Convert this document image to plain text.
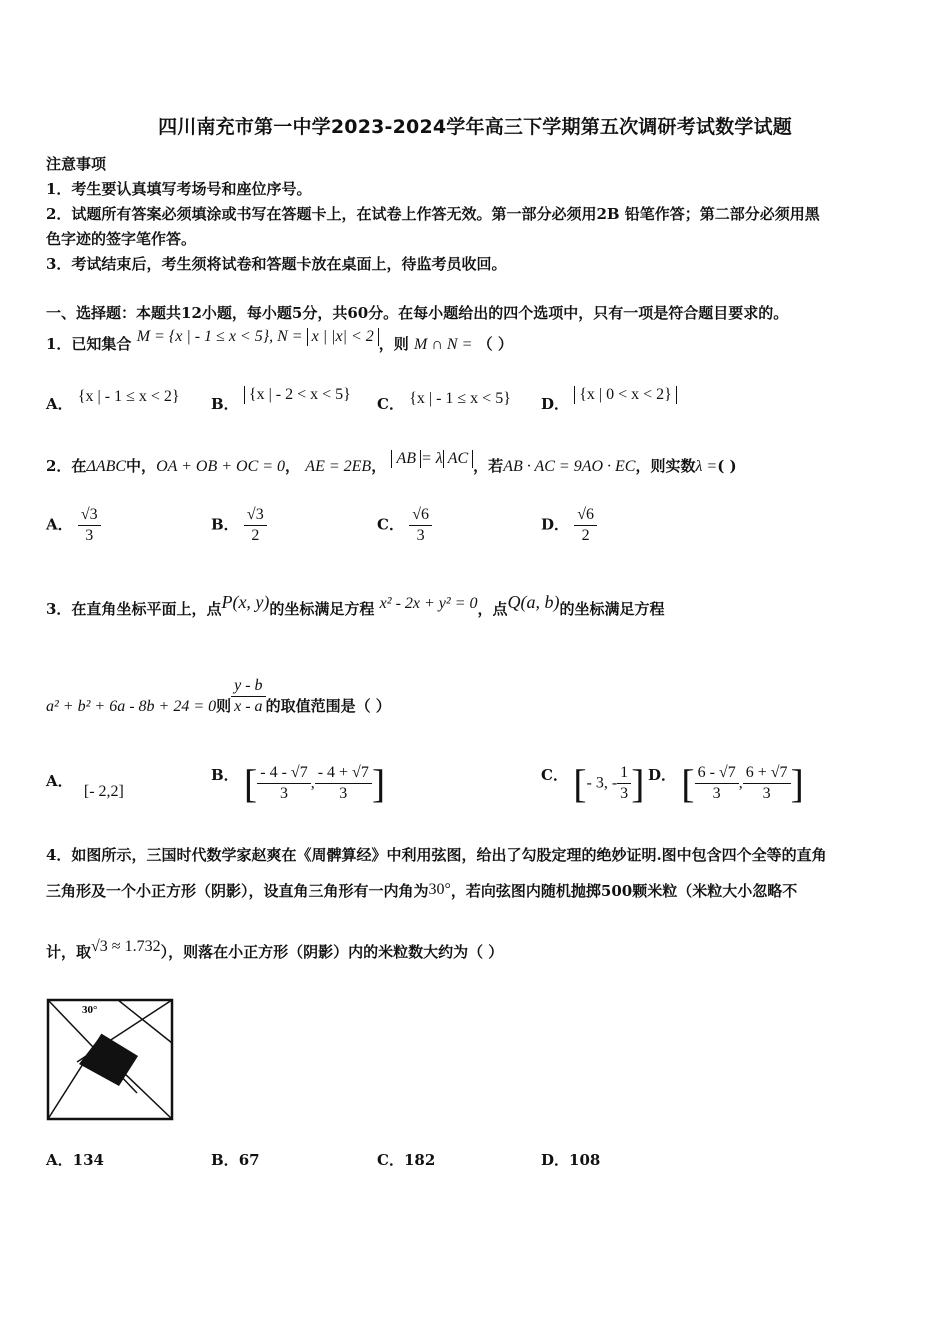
四川南充市第一中学2023-2024学年高三下学期第五次调研考试数学试题
注意事项
1．考生要认真填写考场号和座位序号。
2．试题所有答案必须填涂或书写在答题卡上，在试卷上作答无效。第一部分必须用2B 铅笔作答；第二部分必须用黑
色字迹的签字笔作答。
3．考试结束后，考生须将试卷和答题卡放在桌面上，待监考员收回。
一、选择题：本题共12小题，每小题5分，共60分。在每小题给出的四个选项中，只有一项是符合题目要求的。
1．已知集合 M = {x | - 1 ≤ x < 5}, N = x | |x| < 2 ，则 M ∩ N = （ ）
A． {x | - 1 ≤ x < 2} B． {x | - 2 < x < 5}
C． {x | - 1 ≤ x < 5} D． {x | 0 < x < 2}
2．在ΔABC中，OA + OB + OC = 0， AE = 2EB， AB = λ AC ，若AB · AC = 9AO · EC，则实数λ =( )
A． $\frac{√3}{3}$	B． $\frac{√3}{2}$	C． $\frac{√6}{3}$	D． $\frac{√6}{2}$
3．在直角坐标平面上，点P(x, y)的坐标满足方程 x² - 2x + y² = 0，点Q(a, b)的坐标满足方程
a² + b² + 6a - 8b + 24 = 0则 $\frac{y - b}{x - a}$ 的取值范围是（ ）
A． [- 2,2]
B． [ $\frac{- 4 - √7}{3}$ , $\frac{- 4 + √7}{3}$ ]	C． [- 3, - $\frac{1}{3}$ ] D． [ $\frac{6 - √7}{3}$ , $\frac{6 + √7}{3}$ ]
4．如图所示，三国时代数学家赵爽在《周髀算经》中利用弦图，给出了勾股定理的绝妙证明.图中包含四个全等的直角
三角形及一个小正方形（阴影），设直角三角形有一内角为30°，若向弦图内随机抛掷500颗米粒（米粒大小忽略不
计，取√3 ≈ 1.732），则落在小正方形（阴影）内的米粒数大约为（ ）
30°
A．134	B．67	C．182	D．108
